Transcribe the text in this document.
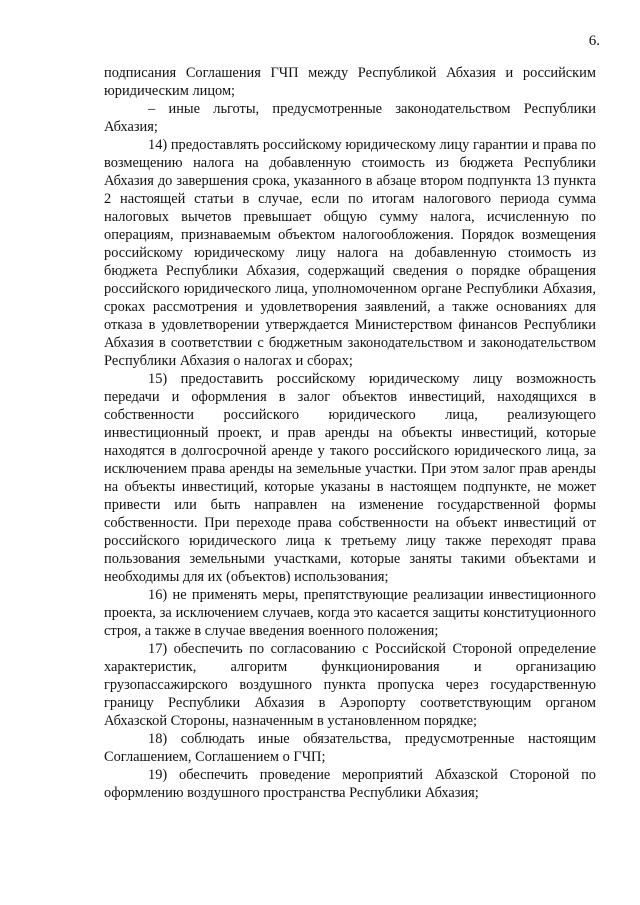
6.

подписания Соглашения ГЧП между Республикой Абхазия и российским юридическим лицом;

– иные льготы, предусмотренные законодательством Республики Абхазия;

14) предоставлять российскому юридическому лицу гарантии и права по возмещению налога на добавленную стоимость из бюджета Республики Абхазия до завершения срока, указанного в абзаце втором подпункта 13 пункта 2 настоящей статьи в случае, если по итогам налогового периода сумма налоговых вычетов превышает общую сумму налога, исчисленную по операциям, признаваемым объектом налогообложения. Порядок возмещения российскому юридическому лицу налога на добавленную стоимость из бюджета Республики Абхазия, содержащий сведения о порядке обращения российского юридического лица, уполномоченном органе Республики Абхазия, сроках рассмотрения и удовлетворения заявлений, а также основаниях для отказа в удовлетворении утверждается Министерством финансов Республики Абхазия в соответствии с бюджетным законодательством и законодательством Республики Абхазия о налогах и сборах;

15) предоставить российскому юридическому лицу возможность передачи и оформления в залог объектов инвестиций, находящихся в собственности российского юридического лица, реализующего инвестиционный проект, и прав аренды на объекты инвестиций, которые находятся в долгосрочной аренде у такого российского юридического лица, за исключением права аренды на земельные участки. При этом залог прав аренды на объекты инвестиций, которые указаны в настоящем подпункте, не может привести или быть направлен на изменение государственной формы собственности. При переходе права собственности на объект инвестиций от российского юридического лица к третьему лицу также переходят права пользования земельными участками, которые заняты такими объектами и необходимы для их (объектов) использования;

16) не применять меры, препятствующие реализации инвестиционного проекта, за исключением случаев, когда это касается защиты конституционного строя, а также в случае введения военного положения;

17) обеспечить по согласованию с Российской Стороной определение характеристик, алгоритм функционирования и организацию грузопассажирского воздушного пункта пропуска через государственную границу Республики Абхазия в Аэропорту соответствующим органом Абхазской Стороны, назначенным в установленном порядке;

18) соблюдать иные обязательства, предусмотренные настоящим Соглашением, Соглашением о ГЧП;

19) обеспечить проведение мероприятий Абхазской Стороной по оформлению воздушного пространства Республики Абхазия;
